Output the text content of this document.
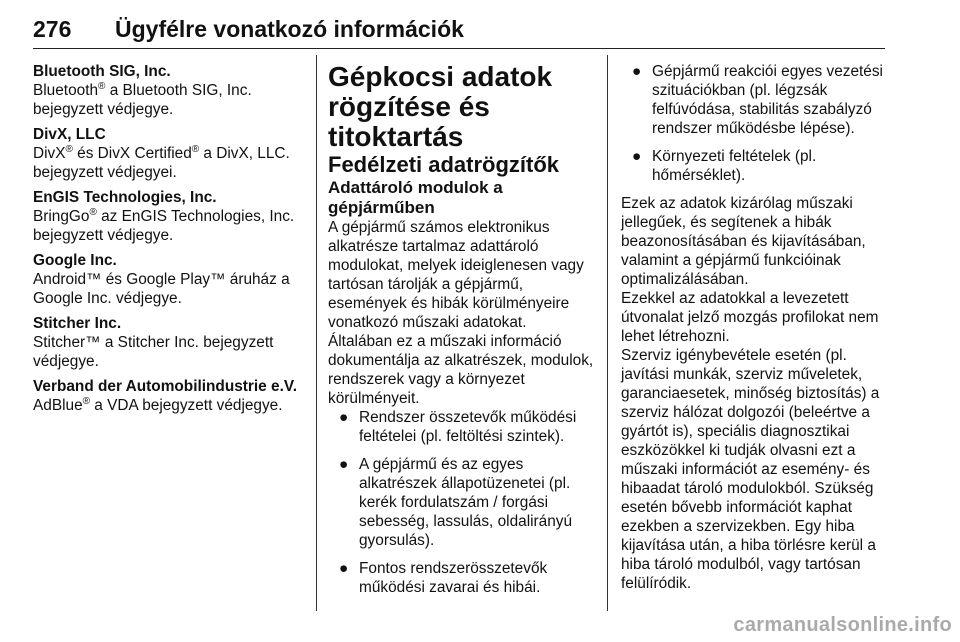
276 Ügyfélre vonatkozó információk

Bluetooth SIG, Inc.

Bluetooth® a Bluetooth SIG, Inc. bejegyzett védjegye.

DivX, LLC

DivX® és DivX Certified® a DivX, LLC. bejegyzett védjegyei.

EnGIS Technologies, Inc.

BringGo® az EnGIS Technologies, Inc. bejegyzett védjegye.

Google Inc.

Android™ és Google Play™ áruház a Google Inc. védjegye.

Stitcher Inc.

Stitcher™ a Stitcher Inc. bejegyzett védjegye.

Verband der Automobilindustrie e.V.

AdBlue® a VDA bejegyzett védjegye.

Gépkocsi adatok rögzítése és titoktartás

Fedélzeti adatrögzítők

Adattároló modulok a gépjárműben

A gépjármű számos elektronikus alkatrésze tartalmaz adattároló modulokat, melyek ideiglenesen vagy tartósan tárolják a gépjármű, események és hibák körülményeire vonatkozó műszaki adatokat.

Általában ez a műszaki információ dokumentálja az alkatrészek, modulok, rendszerek vagy a környezet körülményeit.

● Rendszer összetevők működési feltételei (pl. feltöltési szintek).
● A gépjármű és az egyes alkatrészek állapotüzenetei (pl. kerék fordulatszám / forgási sebesség, lassulás, oldalirányú gyorsulás).
● Fontos rendszerösszetevők működési zavarai és hibái.
● Gépjármű reakciói egyes vezetési szituációkban (pl. légzsák felfúvódása, stabilitás szabályzó rendszer működésbe lépése).
● Környezeti feltételek (pl. hőmérséklet).

Ezek az adatok kizárólag műszaki jellegűek, és segítenek a hibák beazonosításában és kijavításában, valamint a gépjármű funkcióinak optimalizálásában.

Ezekkel az adatokkal a levezetett útvonalat jelző mozgás profilokat nem lehet létrehozni.

Szerviz igénybevétele esetén (pl. javítási munkák, szerviz műveletek, garanciaesetek, minőség biztosítás) a szerviz hálózat dolgozói (beleértve a gyártót is), speciális diagnosztikai eszközökkel ki tudják olvasni ezt a műszaki információt az esemény- és hibaadat tároló modulokból. Szükség esetén bővebb információt kaphat ezekben a szervizekben. Egy hiba kijavítása után, a hiba törlésre kerül a hiba tároló modulból, vagy tartósan felülíródik.

carmanualsonline.info
